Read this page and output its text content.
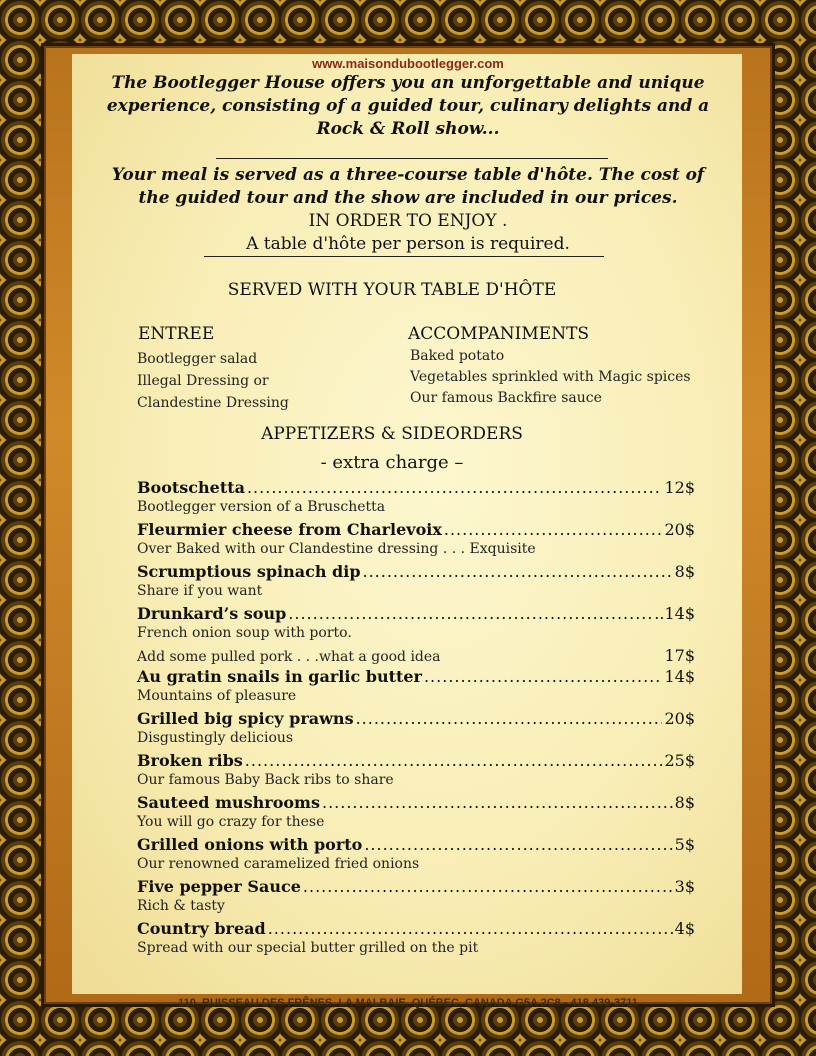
www.maisondubootlegger.com
The Bootlegger House offers you an unforgettable and unique experience, consisting of a guided tour, culinary delights and a Rock & Roll show...
Your meal is served as a three-course table d'hôte. The cost of the guided tour and the show are included in our prices.
IN ORDER TO ENJOY .
A table d'hôte per person is required.
SERVED WITH YOUR TABLE D'HÔTE
ENTREE
Bootlegger salad
Illegal Dressing or
Clandestine Dressing
ACCOMPANIMENTS
Baked potato
Vegetables sprinkled with Magic spices
Our famous Backfire sauce
APPETIZERS & SIDEORDERS
- extra charge –
Bootschetta .....	12$
Bootlegger version of a Bruschetta
Fleurmier cheese from Charlevoix .....	20$
Over Baked with our Clandestine dressing . . . Exquisite
Scrumptious spinach dip .....	8$
Share if you want
Drunkard’s soup .....	..14$
French onion soup with porto.
Add some pulled pork . . .what a good idea	17$
Au gratin snails in garlic butter .....	14$
Mountains of pleasure
Grilled big spicy prawns .....	20$
Disgustingly delicious
Broken ribs .....	25$
Our famous Baby Back ribs to share
Sauteed mushrooms .....	8$
You will go crazy for these
Grilled onions with porto .....	5$
Our renowned caramelized fried onions
Five pepper Sauce .....	3$
Rich & tasty
Country bread .....	4$
Spread with our special butter grilled on the pit
110, RUISSEAU DES FRÊNES, LA MALBAIE, QUÉBEC, CANADA G5A 2C8 - 418 439-3711
